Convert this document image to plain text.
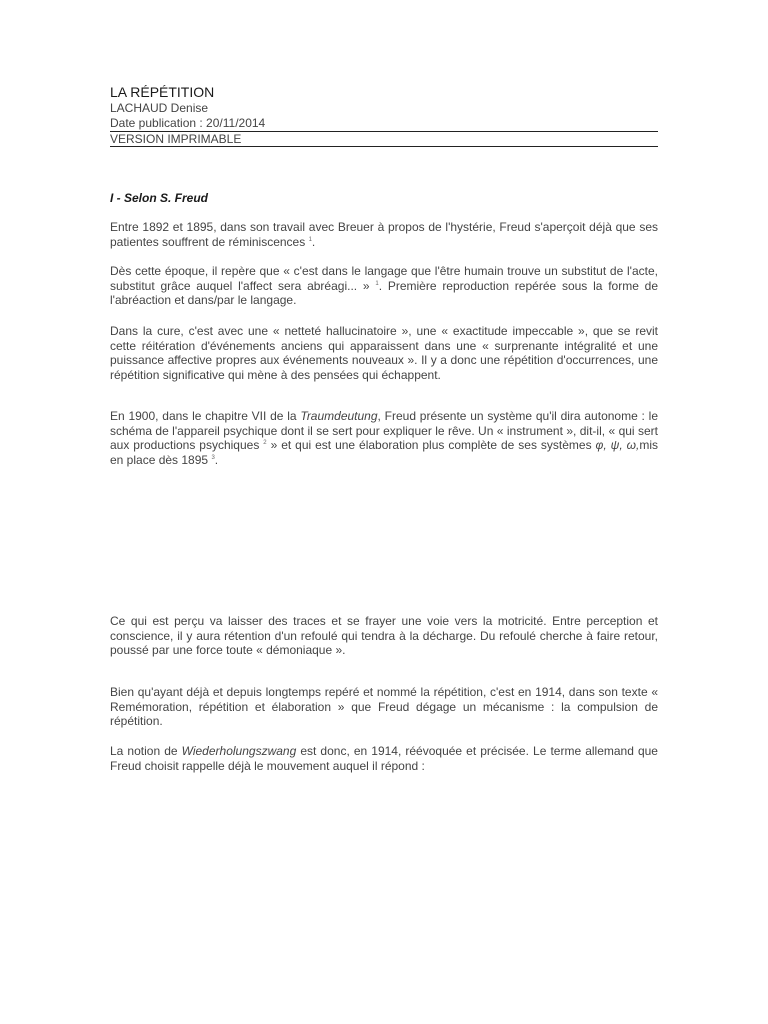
LA RÉPÉTITION

LACHAUD Denise

Date publication : 20/11/2014

VERSION IMPRIMABLE

I - Selon S. Freud

Entre 1892 et 1895, dans son travail avec Breuer à propos de l'hystérie, Freud s'aperçoit déjà que ses patientes souffrent de réminiscences $^1$.

Dès cette époque, il repère que « c'est dans le langage que l'être humain trouve un substitut de l'acte, substitut grâce auquel l'affect sera abréagi... » $^1$. Première reproduction repérée sous la forme de l'abréaction et dans/par le langage.

Dans la cure, c'est avec une « netteté hallucinatoire », une « exactitude impeccable », que se revit cette réitération d'événements anciens qui apparaissent dans une « surprenante intégralité et une puissance affective propres aux événements nouveaux ». Il y a donc une répétition d'occurrences, une répétition significative qui mène à des pensées qui échappent.

En 1900, dans le chapitre VII de la Traumdeutung, Freud présente un système qu'il dira autonome : le schéma de l'appareil psychique dont il se sert pour expliquer le rêve. Un « instrument », dit-il, « qui sert aux productions psychiques $^2$ » et qui est une élaboration plus complète de ses systèmes φ, ψ, ω,mis en place dès 1895 $^3$.

Ce qui est perçu va laisser des traces et se frayer une voie vers la motricité. Entre perception et conscience, il y aura rétention d'un refoulé qui tendra à la décharge. Du refoulé cherche à faire retour, poussé par une force toute « démoniaque ».

Bien qu'ayant déjà et depuis longtemps repéré et nommé la répétition, c'est en 1914, dans son texte « Remémoration, répétition et élaboration » que Freud dégage un mécanisme : la compulsion de répétition.

La notion de Wiederholungszwang est donc, en 1914, réévoquée et précisée. Le terme allemand que Freud choisit rappelle déjà le mouvement auquel il répond :
